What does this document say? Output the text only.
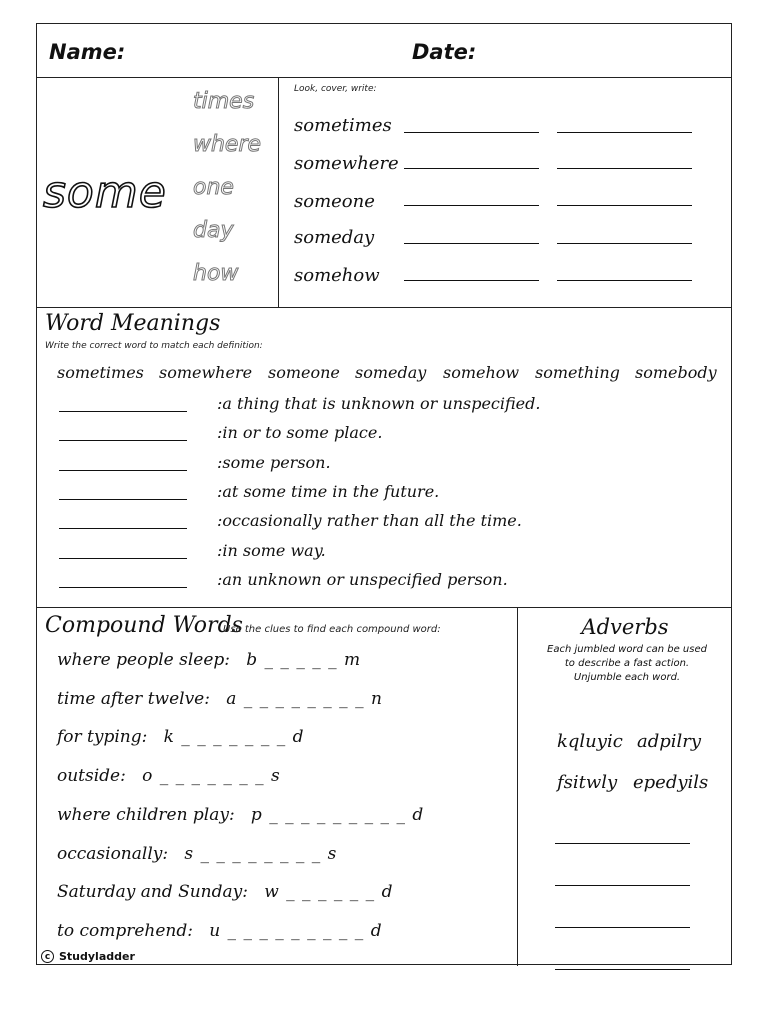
Name:	Date:
some
times
where
one
day
how
Look, cover, write:
sometimes
somewhere
someone
someday
somehow
Word Meanings
Write the correct word to match each definition:
sometimes somewhere someone someday somehow something somebody
:a thing that is unknown or unspecified.
:in or to some place.
:some person.
:at some time in the future.
:occasionally rather than all the time.
:in some way.
:an unknown or unspecified person.
Compound Words
Use the clues to find each compound word:
where people sleep: b _ _ _ _ _ m
time after twelve: a _ _ _ _ _ _ _ _ n
for typing: k _ _ _ _ _ _ _ d
outside: o _ _ _ _ _ _ _ s
where children play: p _ _ _ _ _ _ _ _ _ d
occasionally: s _ _ _ _ _ _ _ _ s
Saturday and Sunday: w _ _ _ _ _ _ d
to comprehend: u _ _ _ _ _ _ _ _ _ d
Adverbs
Each jumbled word can be used
to describe a fast action.
Unjumble each word.
kqluyic adpilry
fsitwly epedyils
c Studyladder
